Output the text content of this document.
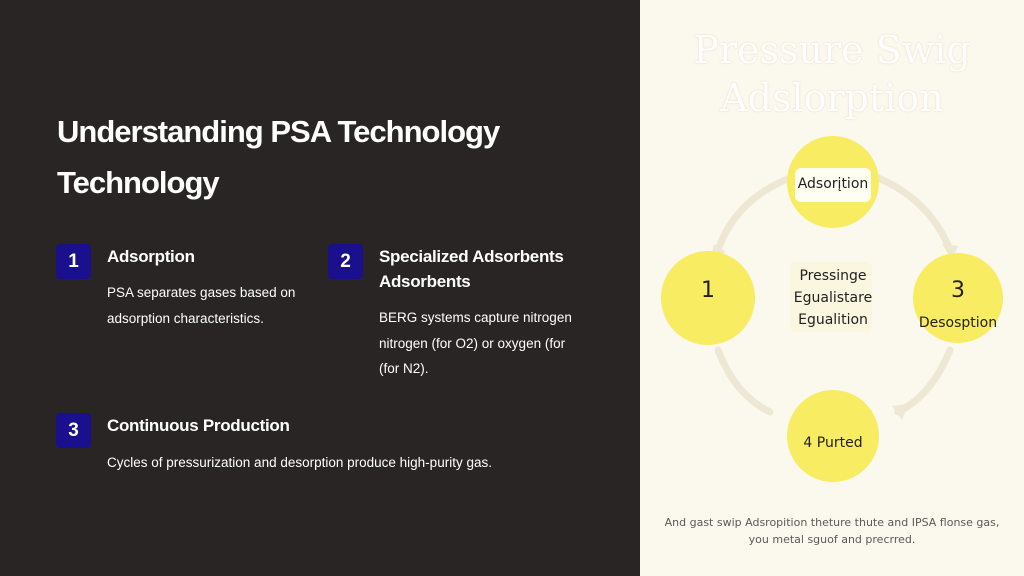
Understanding PSA Technology
Technology
1	Adsorption
PSA separates gases based on
adsorption characteristics.
2	Specialized Adsorbents
Adsorbents
BERG systems capture nitrogen
nitrogen (for O2) or oxygen (for
(for N2).
3	Continuous Production
Cycles of pressurization and desorption produce high-purity gas.
Pressure Swig
Adslorption
Adsorįtion
1
Pressinge
Egualistare
Egualition
3
Desosption
4 Purted
And gast swip Adsropition theture thute and IPSA flonse gas,
you metal sguof and precrred.
